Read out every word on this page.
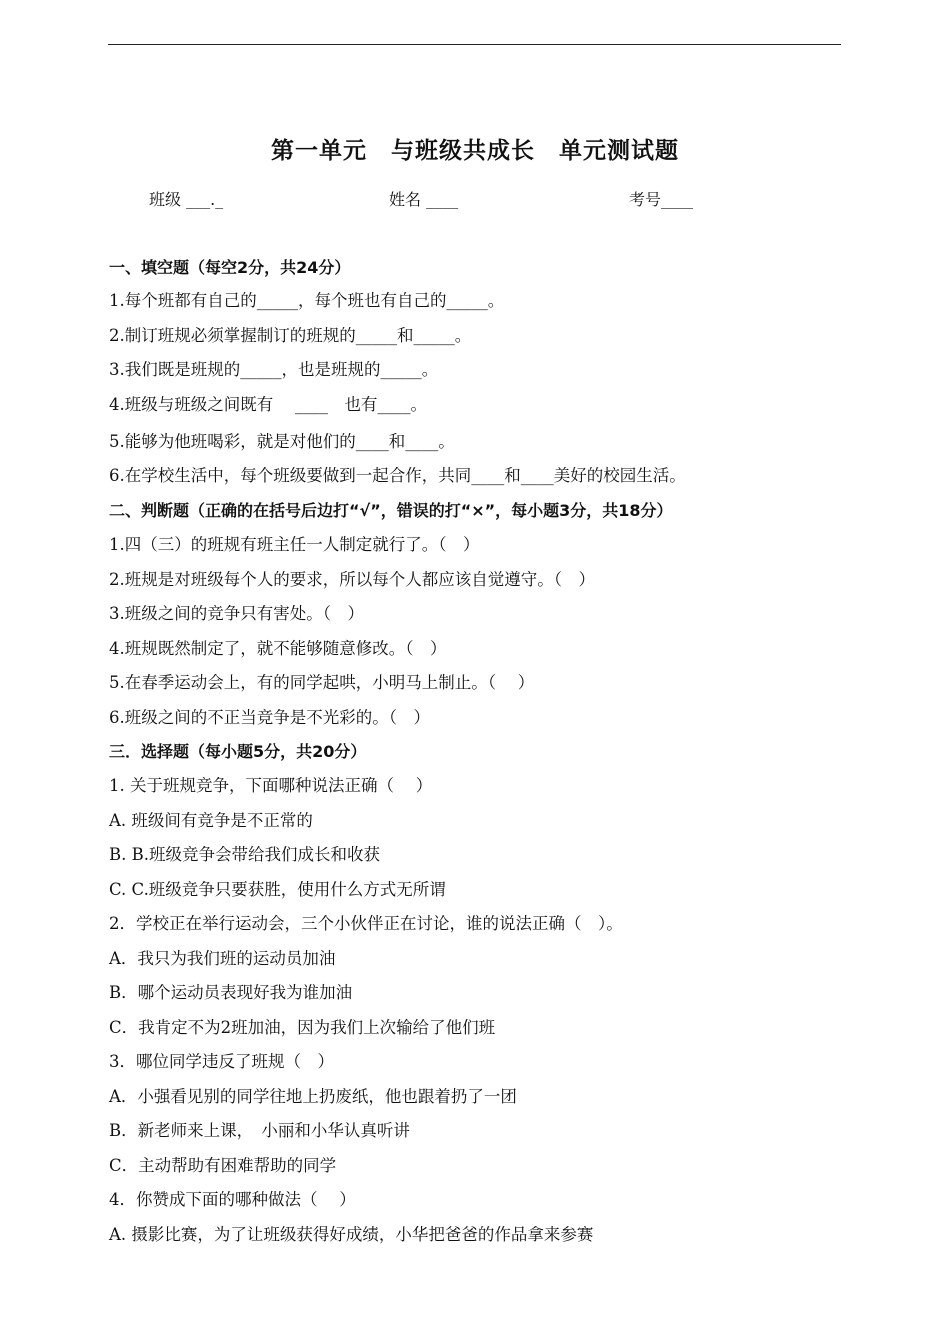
第一单元　与班级共成长　单元测试题
班级 ___._	姓名 ____	考号____
一、填空题（每空2分，共24分）
1.每个班都有自己的_____，每个班也有自己的_____。
2.制订班规必须掌握制订的班规的_____和_____。
3.我们既是班规的_____，也是班规的_____。
4.班级与班级之间既有　 ____　也有____。
5.能够为他班喝彩，就是对他们的____和____。
6.在学校生活中，每个班级要做到一起合作，共同____和____美好的校园生活。
二、判断题（正确的在括号后边打“√”，错误的打“×”，每小题3分，共18分）
1.四（三）的班规有班主任一人制定就行了。（　）
2.班规是对班级每个人的要求，所以每个人都应该自觉遵守。（　）
3.班级之间的竞争只有害处。（　）
4.班规既然制定了，就不能够随意修改。（　）
5.在春季运动会上，有的同学起哄，小明马上制止。（　 ）
6.班级之间的不正当竞争是不光彩的。（　）
三．选择题（每小题5分，共20分）
1. 关于班规竞争，下面哪种说法正确（　 ）
A. 班级间有竞争是不正常的
B. B.班级竞争会带给我们成长和收获
C. C.班级竞争只要获胜，使用什么方式无所谓
2．学校正在举行运动会，三个小伙伴正在讨论，谁的说法正确（　）。
A．我只为我们班的运动员加油
B．哪个运动员表现好我为谁加油
C．我肯定不为2班加油，因为我们上次输给了他们班
3．哪位同学违反了班规（　）
A．小强看见别的同学往地上扔废纸，他也跟着扔了一团
B．新老师来上课，　小丽和小华认真听讲
C．主动帮助有困难帮助的同学
4．你赞成下面的哪种做法（　 ）
A. 摄影比赛，为了让班级获得好成绩，小华把爸爸的作品拿来参赛
